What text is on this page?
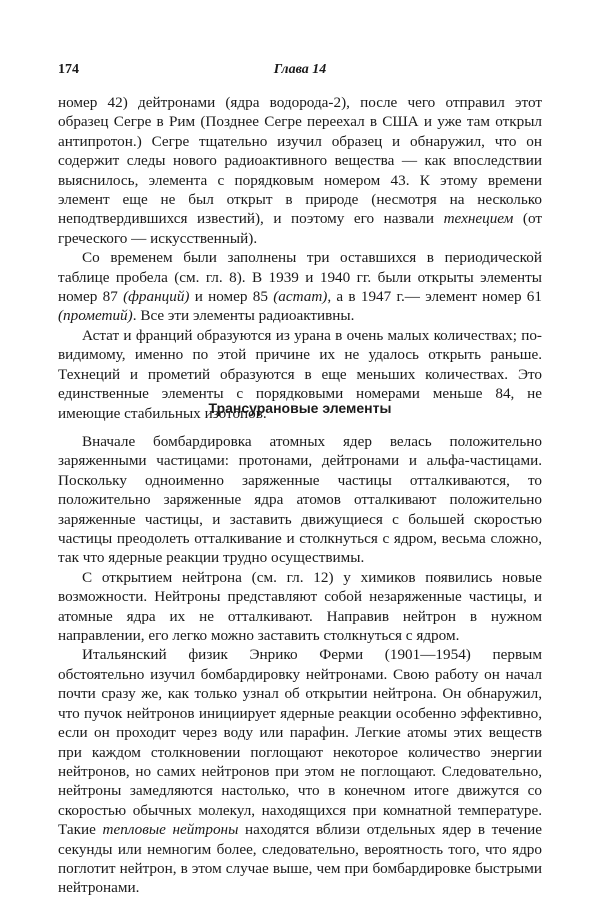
174	Глава 14

номер 42) дейтронами (ядра водорода-2), после чего отправил этот образец Сегре в Рим (Позднее Сегре переехал в США и уже там открыл антипротон.) Сегре тщательно изучил образец и обнаружил, что он содержит следы нового радиоактивного вещества — как впоследствии выяснилось, элемента с порядковым номером 43. К этому времени элемент еще не был открыт в природе (несмотря на несколько неподтвердившихся известий), и поэтому его назвали технецием (от греческого — искусственный).

Со временем были заполнены три оставшихся в периодической таблице пробела (см. гл. 8). В 1939 и 1940 гг. были открыты элементы номер 87 (франций) и номер 85 (астат), а в 1947 г.— элемент номер 61 (прометий). Все эти элементы радиоактивны.

Астат и франций образуются из урана в очень малых количествах; по-видимому, именно по этой причине их не удалось открыть раньше. Технеций и прометий образуются в еще меньших количествах. Это единственные элементы с порядковыми номерами меньше 84, не имеющие стабильных изотопов.

Трансурановые элементы

Вначале бомбардировка атомных ядер велась положительно заряженными частицами: протонами, дейтронами и альфа-частицами. Поскольку одноименно заряженные частицы отталкиваются, то положительно заряженные ядра атомов отталкивают положительно заряженные частицы, и заставить движущиеся с большей скоростью частицы преодолеть отталкивание и столкнуться с ядром, весьма сложно, так что ядерные реакции трудно осуществимы.

С открытием нейтрона (см. гл. 12) у химиков появились новые возможности. Нейтроны представляют собой незаряженные частицы, и атомные ядра их не отталкивают. Направив нейтрон в нужном направлении, его легко можно заставить столкнуться с ядром.

Итальянский физик Энрико Ферми (1901—1954) первым обстоятельно изучил бомбардировку нейтронами. Свою работу он начал почти сразу же, как только узнал об открытии нейтрона. Он обнаружил, что пучок нейтронов инициирует ядерные реакции особенно эффективно, если он проходит через воду или парафин. Легкие атомы этих веществ при каждом столкновении поглощают некоторое количество энергии нейтронов, но самих нейтронов при этом не поглощают. Следовательно, нейтроны замедляются настолько, что в конечном итоге движутся со скоростью обычных молекул, находящихся при комнатной температуре. Такие тепловые нейтроны находятся вблизи отдельных ядер в течение секунды или немногим более, следовательно, вероятность того, что ядро поглотит нейтрон, в этом случае выше, чем при бомбардировке быстрыми нейтронами.
